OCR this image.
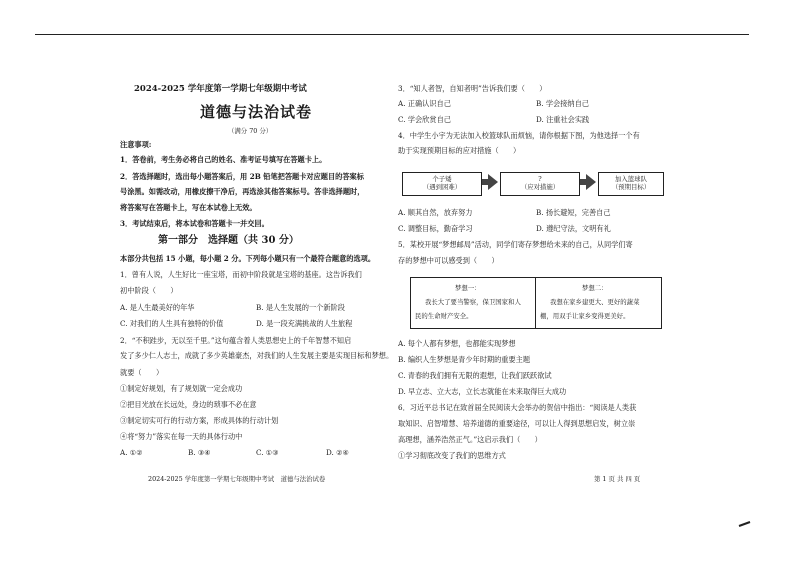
2024-2025 学年度第一学期七年级期中考试
道德与法治试卷
（满分 70 分）
注意事项:
1．答卷前，考生务必将自己的姓名、准考证号填写在答题卡上。
2．答选择题时，选出每小题答案后，用 2B 铅笔把答题卡对应题目的答案标
号涂黑。如需改动，用橡皮擦干净后，再选涂其他答案标号。答非选择题时，
将答案写在答题卡上，写在本试卷上无效。
3．考试结束后，将本试卷和答题卡一并交回。
第一部分　选择题（共 30 分）
本部分共包括 15 小题，每小题 2 分。下列每小题只有一个最符合题意的选项。
1．曾有人说，人生好比一座宝塔，而初中阶段就是宝塔的基座。这告诉我们
初中阶段（　　）
A. 是人生最美好的年华	B. 是人生发展的一个新阶段
C. 对我们的人生具有独特的价值	D. 是一段充满挑战的人生旅程
2．“不积跬步，无以至千里。”这句蕴含着人类思想史上的千年智慧不知启
发了多少仁人志士，成就了多少英雄豪杰，对我们的人生发展主要是实现目标和梦想。
就要（　　）
①制定好规划，有了规划就一定会成功
②把目光放在长远处，身边的琐事不必在意
③制定切实可行的行动方案，形成具体的行动计划
④将“努力”落实在每一天的具体行动中
A. ①②	B. ③④	C. ①③	D. ②④
3．“知人者智，自知者明”告诉我们要（　　）
A. 正确认识自己	B. 学会接纳自己
C. 学会欣赏自己	D. 注重社会实践
4．中学生小宇为无法加入校篮球队而烦恼，请你根据下图，为他选择一个有
助于实现预期目标的应对措施（　　）
个子矮
（遇到困难）
?
（应对措施）
加入篮球队
（预期目标）
A. 顺其自然，放弃努力	B. 扬长避短，完善自己
C. 调整目标，勤奋学习	D. 遵纪守法，文明有礼
5．某校开展“梦想邮局”活动，同学们寄存梦想给未来的自己，从同学们寄
存的梦想中可以感受到（　　）
梦想一：
我长大了要当警察，保卫国家和人
民的生命财产安全。
梦想二：
我想在家乡建更大、更好的蔬菜
棚，用双手让家乡变得更美好。
A. 每个人都有梦想，也都能实现梦想
B. 编织人生梦想是青少年时期的重要主题
C. 青春的我们拥有无限的遐想，让我们跃跃欲试
D. 早立志、立大志，立长志就能在未来取得巨大成功
6．习近平总书记在致首届全民阅读大会举办的贺信中指出：“阅读是人类获
取知识、启智增慧、培养道德的重要途径，可以让人得到思想启发，树立崇
高理想，涵养浩然正气。”这启示我们（　　）
①学习彻底改变了我们的思维方式
2024-2025 学年度第一学期七年级期中考试　道德与法治试卷	第 1 页 共 四 页
